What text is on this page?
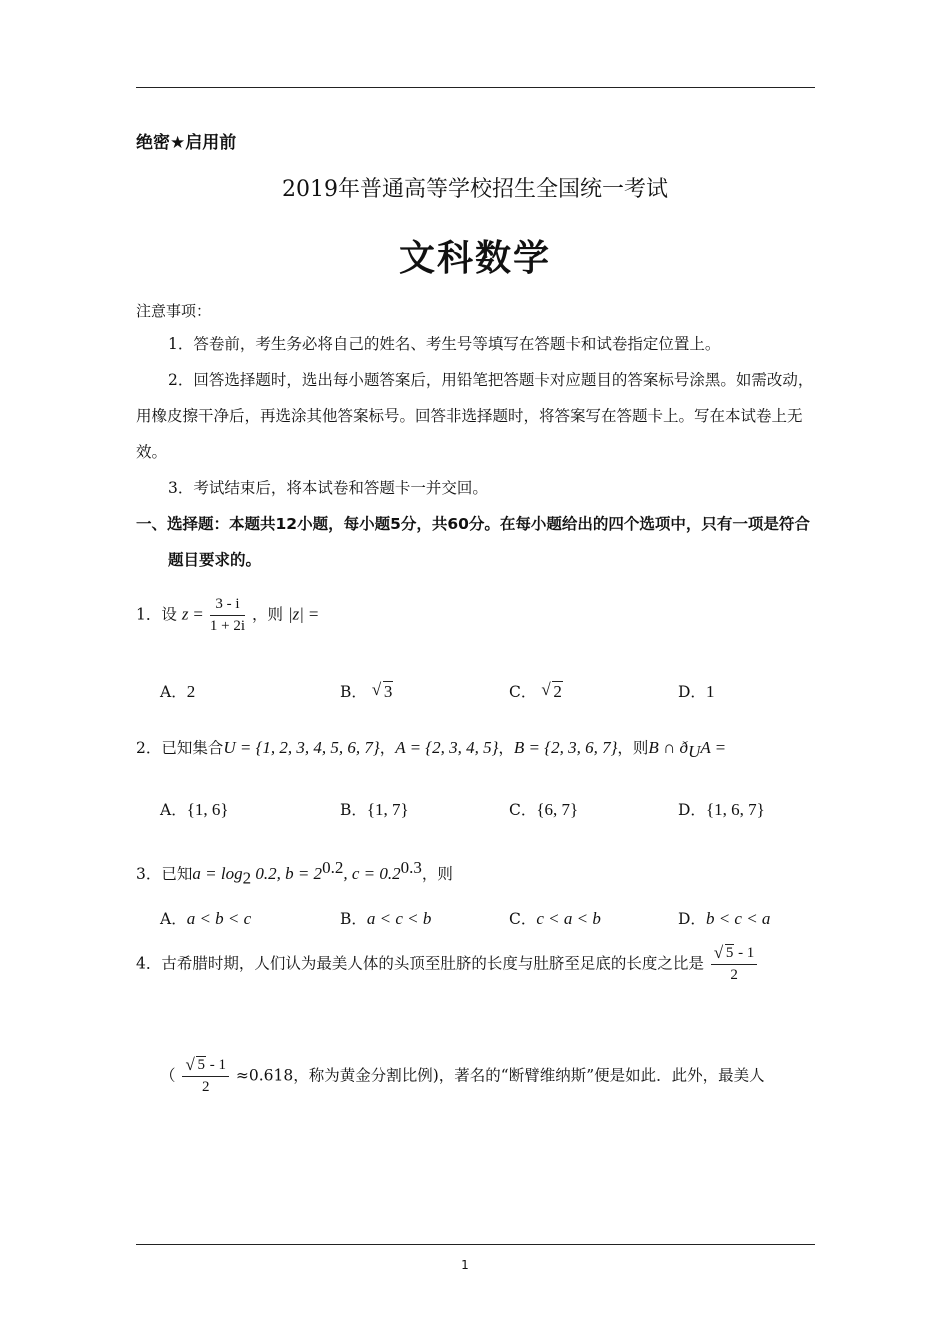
绝密★启用前
2019年普通高等学校招生全国统一考试
文科数学
注意事项：
1．答卷前，考生务必将自己的姓名、考生号等填写在答题卡和试卷指定位置上。
2．回答选择题时，选出每小题答案后，用铅笔把答题卡对应题目的答案标号涂黑。如需改动，用橡皮擦干净后，再选涂其他答案标号。回答非选择题时，将答案写在答题卡上。写在本试卷上无效。
3．考试结束后，将本试卷和答题卡一并交回。
一、选择题：本题共12小题，每小题5分，共60分。在每小题给出的四个选项中，只有一项是符合题目要求的。
1．设 $z = \frac{3 - i}{1 + 2i}$ ，则 |z| =
A．2	B． √ 3	C． √ 2	D．1
2．已知集合U = {1, 2, 3, 4, 5, 6, 7}，A = {2, 3, 4, 5}，B = {2, 3, 6, 7}，则B ∩ $ð_UA$ =
A．{1, 6}	B．{1, 7}	C．{6, 7}	D．{1, 6, 7}
3．已知$a = \log_2 0.2$, $b = 2^{0.2}$, $c = 0.2^{0.3}$，则
A．a < b < c	B．a < c < b	C．c < a < b	D．b < c < a
4．古希腊时期，人们认为最美人体的头顶至肚脐的长度与肚脐至足底的长度之比是 $\frac{√ 5 - 1}{2}$
（ $\frac{√ 5 - 1}{2} \approx 0.618$，称为黄金分割比例)，著名的“断臂维纳斯”便是如此．此外，最美人
1
